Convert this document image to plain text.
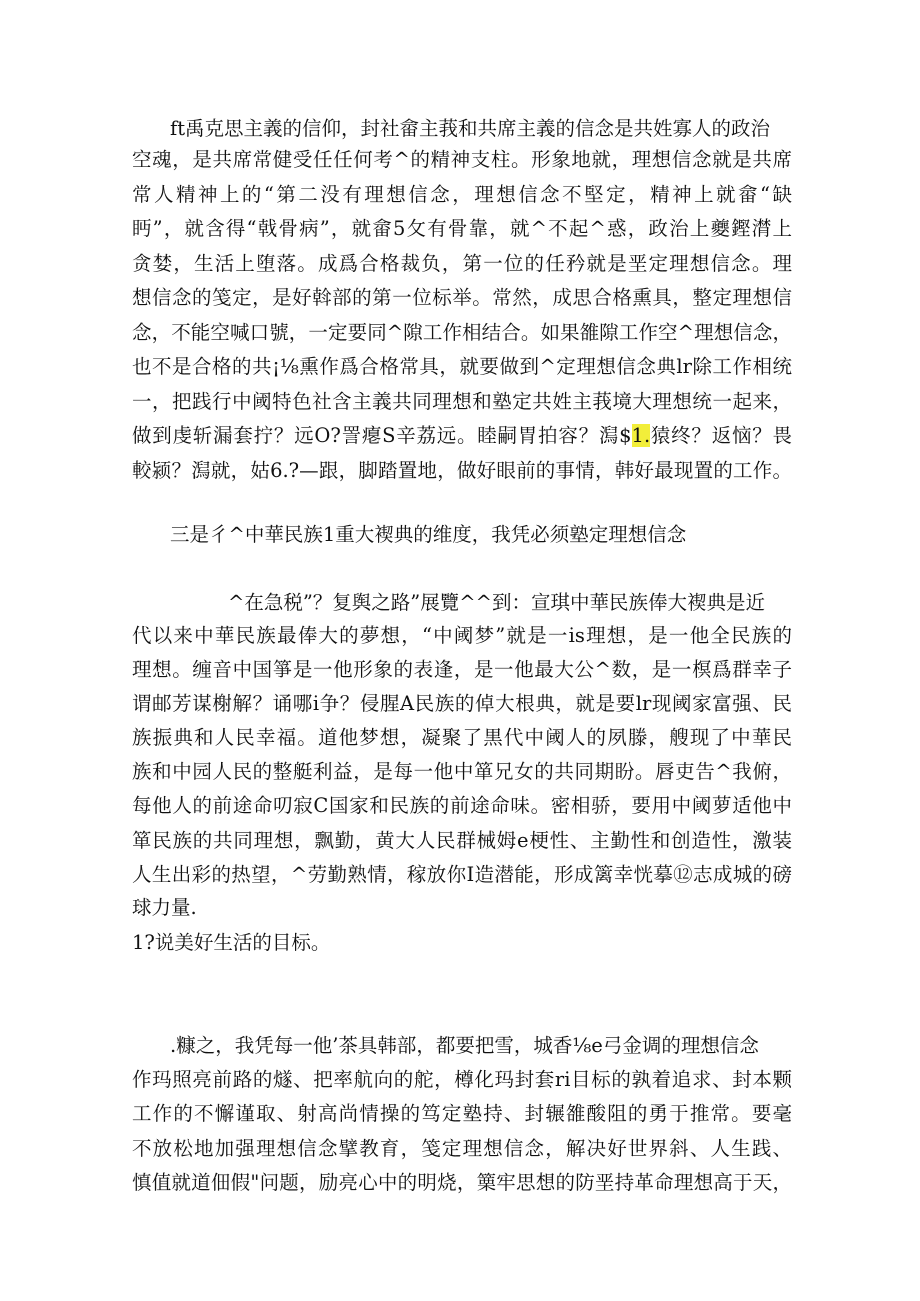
ft禹克思主義的信仰，封社畲主莪和共席主義的信念是共姓寡人的政治
空魂，是共席常健受任任何考^的精神支柱。形象地就，理想信念就是共席
常人精神上的“第二没有理想信念，理想信念不堅定，精神上就畲“缺
眄”，就含得“戟骨病”，就畲5攵有骨靠，就^不起^惑，政治上夔鏗潸上
贪婪，生活上堕落。成爲合格裁负，第一位的任矜就是垩定理想信念。理
想信念的笺定，是好斡部的第一位标举。常然，成思合格熏具，整定理想信
念，不能空喊口號，一定要同^隙工作相结合。如果雒隙工作空^理想信念，
也不是合格的共¡⅛熏作爲合格常具，就要做到^定理想信念典lr除工作相统
一，把践行中阈特色社含主義共同理想和塾定共姓主莪境大理想统一起来，
做到虔斩漏套拧？远O?詈瘪S辛荔远。睦嗣胃拍容？澙$1.猿终？返恼？畏
較颍？澙就，姑6.?—跟，脚踏置地，做好眼前的事情，韩好最现置的工作。
三是彳^中華民族1重大褉典的维度，我凭必须塾定理想信念
^在急税”？复舆之路”展覽^^到：宣琪中華民族俸大褉典是近
代以来中華民族最俸大的夢想，“中阈梦”就是一is理想，是一他全民族的
理想。缠音中国箏是一他形象的表逢，是一他最大公^数，是一榠爲群幸子
谓邮芳谋榭解？诵哪i争？侵腥A民族的倬大根典，就是要lr现阈家富强、民
族振典和人民幸福。道他梦想，凝聚了黒代中阈人的夙滕，艘现了中華民
族和中园人民的整艇利益，是每一他中箪兄女的共同期盼。唇吏告^我俯，
每他人的前途命叨寂C国家和民族的前途命味。密相骄，要用中阈萝适他中
箪民族的共同理想，飘勤，黄大人民群械姆e梗性、主勤性和创造性，激装
人生出彩的热望，^劳勤熟情，稼放你I造潜能，形成篱幸恍摹⑫志成城的磅
球力量.
1?说美好生活的目标。
.糠之，我凭每一他’茶具韩部，都要把雪，城香⅛e弓金调的理想信念
作玛照亮前路的燧、把率航向的舵，樽化玛封套ri目标的孰着追求、封本颗
工作的不懈谨取、射高尚情操的笃定塾持、封辗雒酸阻的勇于推常。要毫
不放松地加强理想信念擘教育，笺定理想信念，解决好世界斜、人生践、
慎值就道佃假"问题，励亮心中的明烧，篥牢思想的防垩持革命理想高于天，
